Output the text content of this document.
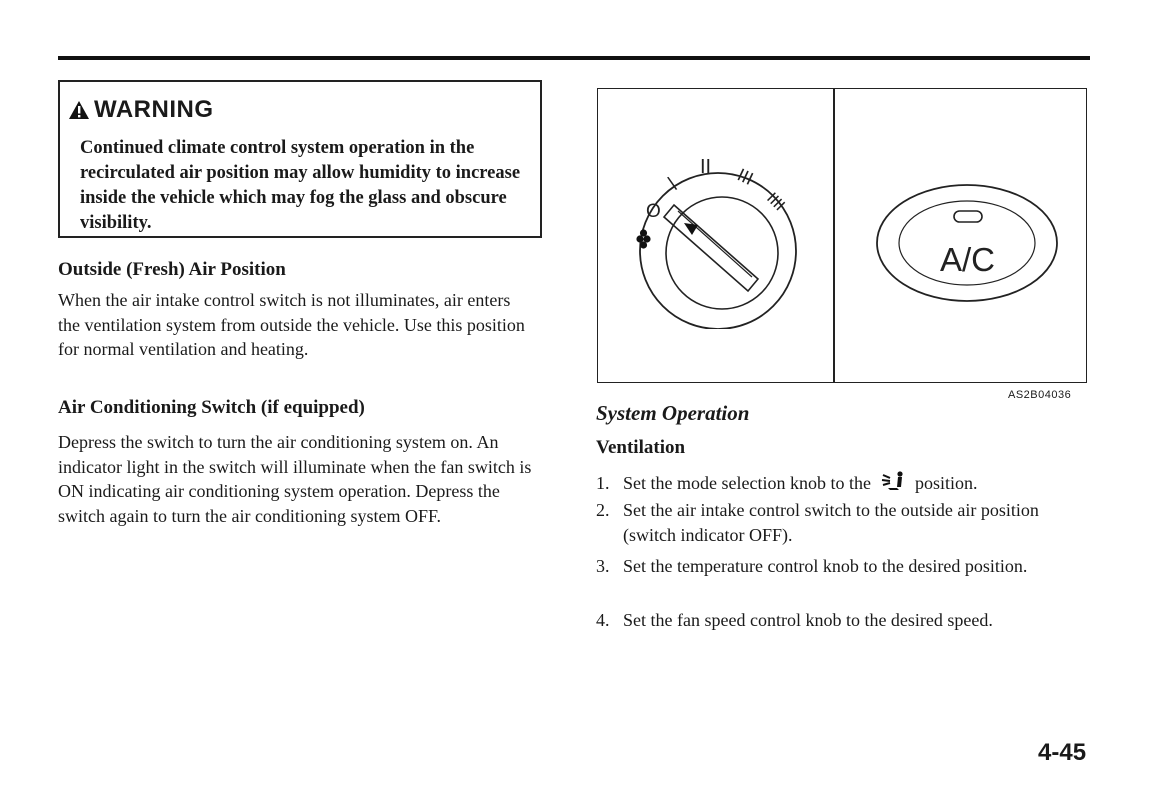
WARNING
Continued climate control system operation in the recirculated air position may allow humidity to increase inside the vehicle which may fog the glass and obscure visibility.
Outside (Fresh) Air Position
When the air intake control switch is not illuminates, air enters the ventilation system from outside the vehicle. Use this position for normal ventilation and heating.
Air Conditioning Switch (if equipped)
Depress the switch to turn the air conditioning system on. An indicator light in the switch will illuminate when the fan switch is ON indicating air conditioning system operation. Depress the switch again to turn the air conditioning system OFF.
O
\
II III
IIII
A/C
AS2B04036
System Operation
Ventilation
1. Set the mode selection knob to the position.
2. Set the air intake control switch to the outside air position (switch indicator OFF).
3. Set the temperature control knob to the desired position.
4. Set the fan speed control knob to the desired speed.
4-45
